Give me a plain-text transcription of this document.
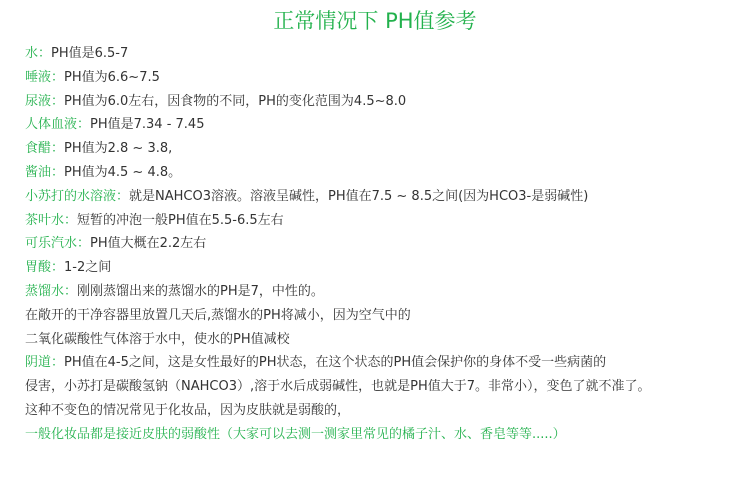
正常情况下 PH值参考
水：PH值是6.5-7
唾液：PH值为6.6~7.5
尿液：PH值为6.0左右，因食物的不同，PH的变化范围为4.5~8.0
人体血液：PH值是7.34 - 7.45
食醋：PH值为2.8 ~ 3.8,
酱油：PH值为4.5 ~ 4.8。
小苏打的水溶液：就是NAHCO3溶液。溶液呈碱性，PH值在7.5 ~ 8.5之间(因为HCO3-是弱碱性)
茶叶水：短暂的冲泡一般PH值在5.5-6.5左右
可乐汽水：PH值大概在2.2左右
胃酸：1-2之间
蒸馏水：刚刚蒸馏出来的蒸馏水的PH是7，中性的。
在敞开的干净容器里放置几天后,蒸馏水的PH将减小，因为空气中的
二氧化碳酸性气体溶于水中，使水的PH值减校
阴道：PH值在4-5之间，这是女性最好的PH状态，在这个状态的PH值会保护你的身体不受一些病菌的
侵害，小苏打是碳酸氢钠（NAHCO3）,溶于水后成弱碱性，也就是PH值大于7。非常小），变色了就不准了。
这种不变色的情况常见于化妆品，因为皮肤就是弱酸的，
一般化妆品都是接近皮肤的弱酸性（大家可以去测一测家里常见的橘子汁、水、香皂等等.....）
